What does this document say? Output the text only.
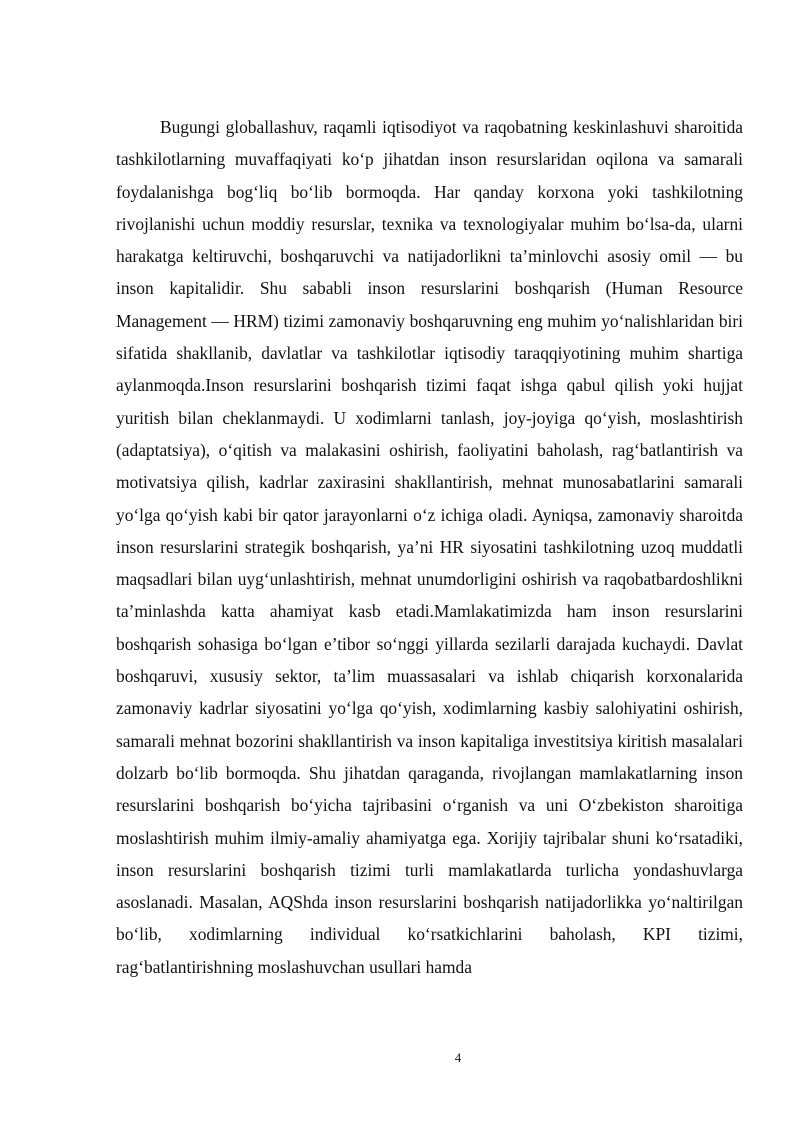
Bugungi globallashuv, raqamli iqtisodiyot va raqobatning keskinlashuvi sharoitida tashkilotlarning muvaffaqiyati ko‘p jihatdan inson resurslaridan oqilona va samarali foydalanishga bog‘liq bo‘lib bormoqda. Har qanday korxona yoki tashkilotning rivojlanishi uchun moddiy resurslar, texnika va texnologiyalar muhim bo‘lsa-da, ularni harakatga keltiruvchi, boshqaruvchi va natijadorlikni ta’minlovchi asosiy omil — bu inson kapitalidir. Shu sababli inson resurslarini boshqarish (Human Resource Management — HRM) tizimi zamonaviy boshqaruvning eng muhim yo‘nalishlaridan biri sifatida shakllanib, davlatlar va tashkilotlar iqtisodiy taraqqiyotining muhim shartiga aylanmoqda.Inson resurslarini boshqarish tizimi faqat ishga qabul qilish yoki hujjat yuritish bilan cheklanmaydi. U xodimlarni tanlash, joy-joyiga qo‘yish, moslashtirish (adaptatsiya), o‘qitish va malakasini oshirish, faoliyatini baholash, rag‘batlantirish va motivatsiya qilish, kadrlar zaxirasini shakllantirish, mehnat munosabatlarini samarali yo‘lga qo‘yish kabi bir qator jarayonlarni o‘z ichiga oladi. Ayniqsa, zamonaviy sharoitda inson resurslarini strategik boshqarish, ya’ni HR siyosatini tashkilotning uzoq muddatli maqsadlari bilan uyg‘unlashtirish, mehnat unumdorligini oshirish va raqobatbardoshlikni ta’minlashda katta ahamiyat kasb etadi.Mamlakatimizda ham inson resurslarini boshqarish sohasiga bo‘lgan e’tibor so‘nggi yillarda sezilarli darajada kuchaydi. Davlat boshqaruvi, xususiy sektor, ta’lim muassasalari va ishlab chiqarish korxonalarida zamonaviy kadrlar siyosatini yo‘lga qo‘yish, xodimlarning kasbiy salohiyatini oshirish, samarali mehnat bozorini shakllantirish va inson kapitaliga investitsiya kiritish masalalari dolzarb bo‘lib bormoqda. Shu jihatdan qaraganda, rivojlangan mamlakatlarning inson resurslarini boshqarish bo‘yicha tajribasini o‘rganish va uni O‘zbekiston sharoitiga moslashtirish muhim ilmiy-amaliy ahamiyatga ega. Xorijiy tajribalar shuni ko‘rsatadiki, inson resurslarini boshqarish tizimi turli mamlakatlarda turlicha yondashuvlarga asoslanadi. Masalan, AQShda inson resurslarini boshqarish natijadorlikka yo‘naltirilgan bo‘lib, xodimlarning individual ko‘rsatkichlarini baholash, KPI tizimi, rag‘batlantirishning moslashuvchan usullari hamda

4
